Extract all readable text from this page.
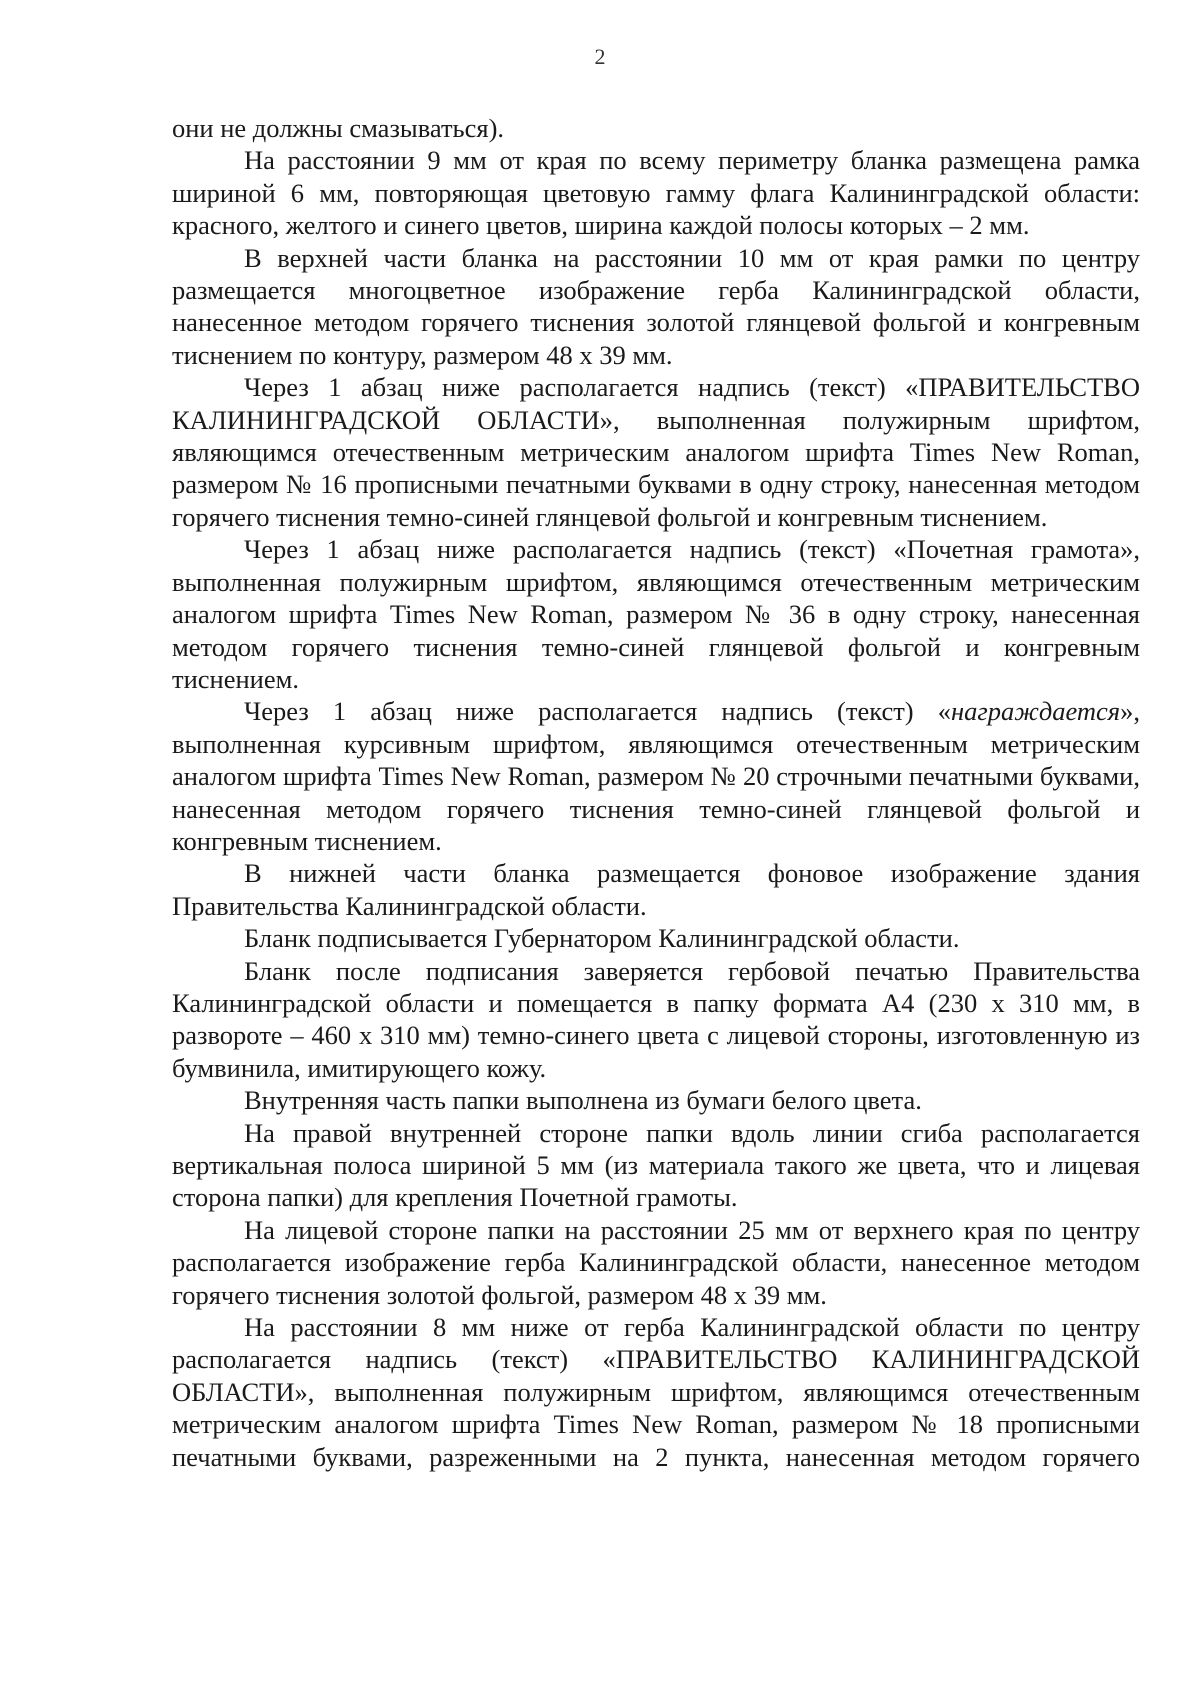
2

они не должны смазываться).

На расстоянии 9 мм от края по всему периметру бланка размещена рамка шириной 6 мм, повторяющая цветовую гамму флага Калининградской области: красного, желтого и синего цветов, ширина каждой полосы которых – 2 мм.

В верхней части бланка на расстоянии 10 мм от края рамки по центру размещается многоцветное изображение герба Калининградской области, нанесенное методом горячего тиснения золотой глянцевой фольгой и конгревным тиснением по контуру, размером 48 х 39 мм.

Через 1 абзац ниже располагается надпись (текст) «ПРАВИТЕЛЬСТВО КАЛИНИНГРАДСКОЙ ОБЛАСТИ», выполненная полужирным шрифтом, являющимся отечественным метрическим аналогом шрифта Times New Roman, размером № 16 прописными печатными буквами в одну строку, нанесенная методом горячего тиснения темно-синей глянцевой фольгой и конгревным тиснением.

Через 1 абзац ниже располагается надпись (текст) «Почетная грамота», выполненная полужирным шрифтом, являющимся отечественным метрическим аналогом шрифта Times New Roman, размером № 36 в одну строку, нанесенная методом горячего тиснения темно-синей глянцевой фольгой и конгревным тиснением.

Через 1 абзац ниже располагается надпись (текст) «награждается», выполненная курсивным шрифтом, являющимся отечественным метрическим аналогом шрифта Times New Roman, размером № 20 строчными печатными буквами, нанесенная методом горячего тиснения темно-синей глянцевой фольгой и конгревным тиснением.

В нижней части бланка размещается фоновое изображение здания Правительства Калининградской области.

Бланк подписывается Губернатором Калининградской области.

Бланк после подписания заверяется гербовой печатью Правительства Калининградской области и помещается в папку формата А4 (230 х 310 мм, в развороте – 460 х 310 мм) темно-синего цвета с лицевой стороны, изготовленную из бумвинила, имитирующего кожу.

Внутренняя часть папки выполнена из бумаги белого цвета.

На правой внутренней стороне папки вдоль линии сгиба располагается вертикальная полоса шириной 5 мм (из материала такого же цвета, что и лицевая сторона папки) для крепления Почетной грамоты.

На лицевой стороне папки на расстоянии 25 мм от верхнего края по центру располагается изображение герба Калининградской области, нанесенное методом горячего тиснения золотой фольгой, размером 48 х 39 мм.

На расстоянии 8 мм ниже от герба Калининградской области по центру располагается надпись (текст) «ПРАВИТЕЛЬСТВО КАЛИНИНГРАДСКОЙ ОБЛАСТИ», выполненная полужирным шрифтом, являющимся отечественным метрическим аналогом шрифта Times New Roman, размером № 18 прописными печатными буквами, разреженными на 2 пункта, нанесенная методом горячего
